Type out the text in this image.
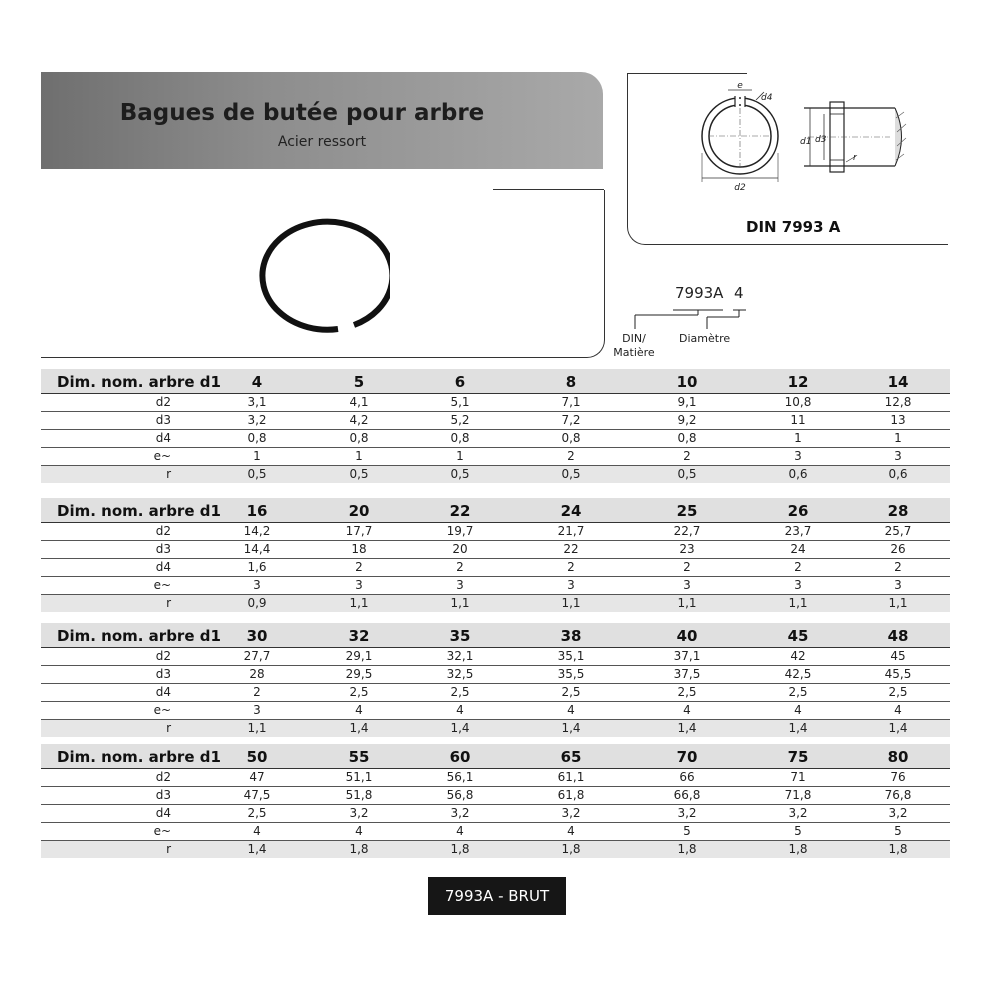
Bagues de butée pour arbre
Acier ressort
e
d4
d2
d1 d3
r
DIN 7993 A
7993A 4
DIN/
Matière
Diamètre
Dim. nom. arbre d1	4	5	6	8	10	12	14
d2	3,1	4,1	5,1	7,1	9,1	10,8	12,8
d3	3,2	4,2	5,2	7,2	9,2	11	13
d4	0,8	0,8	0,8	0,8	0,8	1	1
e~	1	1	1	2	2	3	3
r	0,5	0,5	0,5	0,5	0,5	0,6	0,6
Dim. nom. arbre d1	16	20	22	24	25	26	28
d2	14,2	17,7	19,7	21,7	22,7	23,7	25,7
d3	14,4	18	20	22	23	24	26
d4	1,6	2	2	2	2	2	2
e~	3	3	3	3	3	3	3
r	0,9	1,1	1,1	1,1	1,1	1,1	1,1
Dim. nom. arbre d1	30	32	35	38	40	45	48
d2	27,7	29,1	32,1	35,1	37,1	42	45
d3	28	29,5	32,5	35,5	37,5	42,5	45,5
d4	2	2,5	2,5	2,5	2,5	2,5	2,5
e~	3	4	4	4	4	4	4
r	1,1	1,4	1,4	1,4	1,4	1,4	1,4
Dim. nom. arbre d1	50	55	60	65	70	75	80
d2	47	51,1	56,1	61,1	66	71	76
d3	47,5	51,8	56,8	61,8	66,8	71,8	76,8
d4	2,5	3,2	3,2	3,2	3,2	3,2	3,2
e~	4	4	4	4	5	5	5
r	1,4	1,8	1,8	1,8	1,8	1,8	1,8
7993A - BRUT
